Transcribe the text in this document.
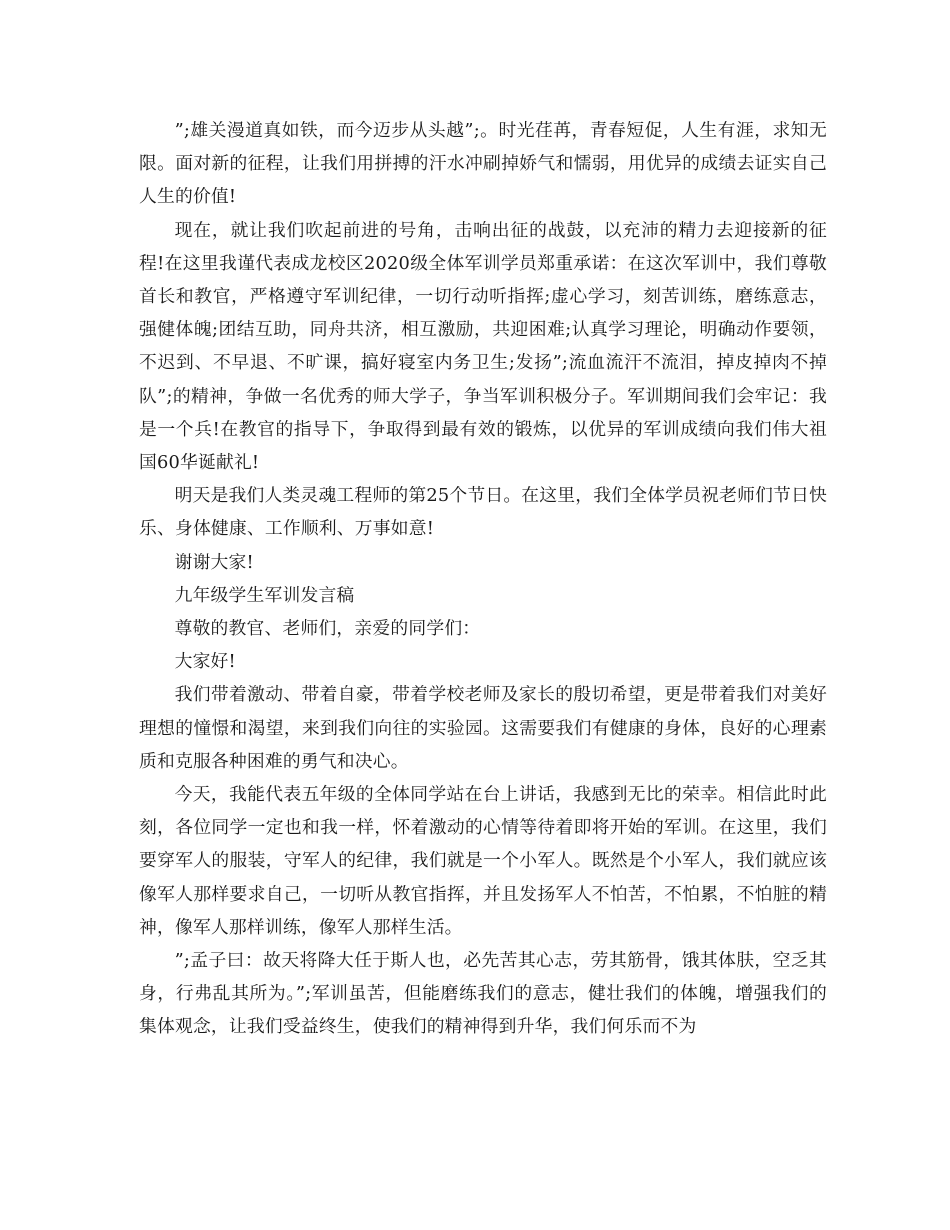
”;雄关漫道真如铁，而今迈步从头越”;。时光荏苒，青春短促，人生有涯，求知无限。面对新的征程，让我们用拼搏的汗水冲刷掉娇气和懦弱，用优异的成绩去证实自己人生的价值!

现在，就让我们吹起前进的号角，击响出征的战鼓，以充沛的精力去迎接新的征程!在这里我谨代表成龙校区2020级全体军训学员郑重承诺：在这次军训中，我们尊敬首长和教官，严格遵守军训纪律，一切行动听指挥;虚心学习，刻苦训练，磨练意志，强健体魄;团结互助，同舟共济，相互激励，共迎困难;认真学习理论，明确动作要领，不迟到、不早退、不旷课，搞好寝室内务卫生;发扬”;流血流汗不流泪，掉皮掉肉不掉队”;的精神，争做一名优秀的师大学子，争当军训积极分子。军训期间我们会牢记：我是一个兵!在教官的指导下，争取得到最有效的锻炼，以优异的军训成绩向我们伟大祖国60华诞献礼!

明天是我们人类灵魂工程师的第25个节日。在这里，我们全体学员祝老师们节日快乐、身体健康、工作顺利、万事如意!

谢谢大家!

九年级学生军训发言稿

尊敬的教官、老师们，亲爱的同学们：

大家好!

我们带着激动、带着自豪，带着学校老师及家长的殷切希望，更是带着我们对美好理想的憧憬和渴望，来到我们向往的实验园。这需要我们有健康的身体，良好的心理素质和克服各种困难的勇气和决心。

今天，我能代表五年级的全体同学站在台上讲话，我感到无比的荣幸。相信此时此刻，各位同学一定也和我一样，怀着激动的心情等待着即将开始的军训。在这里，我们要穿军人的服装，守军人的纪律，我们就是一个小军人。既然是个小军人，我们就应该像军人那样要求自己，一切听从教官指挥，并且发扬军人不怕苦，不怕累，不怕脏的精神，像军人那样训练，像军人那样生活。

”;孟子曰：故天将降大任于斯人也，必先苦其心志，劳其筋骨，饿其体肤，空乏其身，行弗乱其所为。”;军训虽苦，但能磨练我们的意志，健壮我们的体魄，增强我们的集体观念，让我们受益终生，使我们的精神得到升华，我们何乐而不为
